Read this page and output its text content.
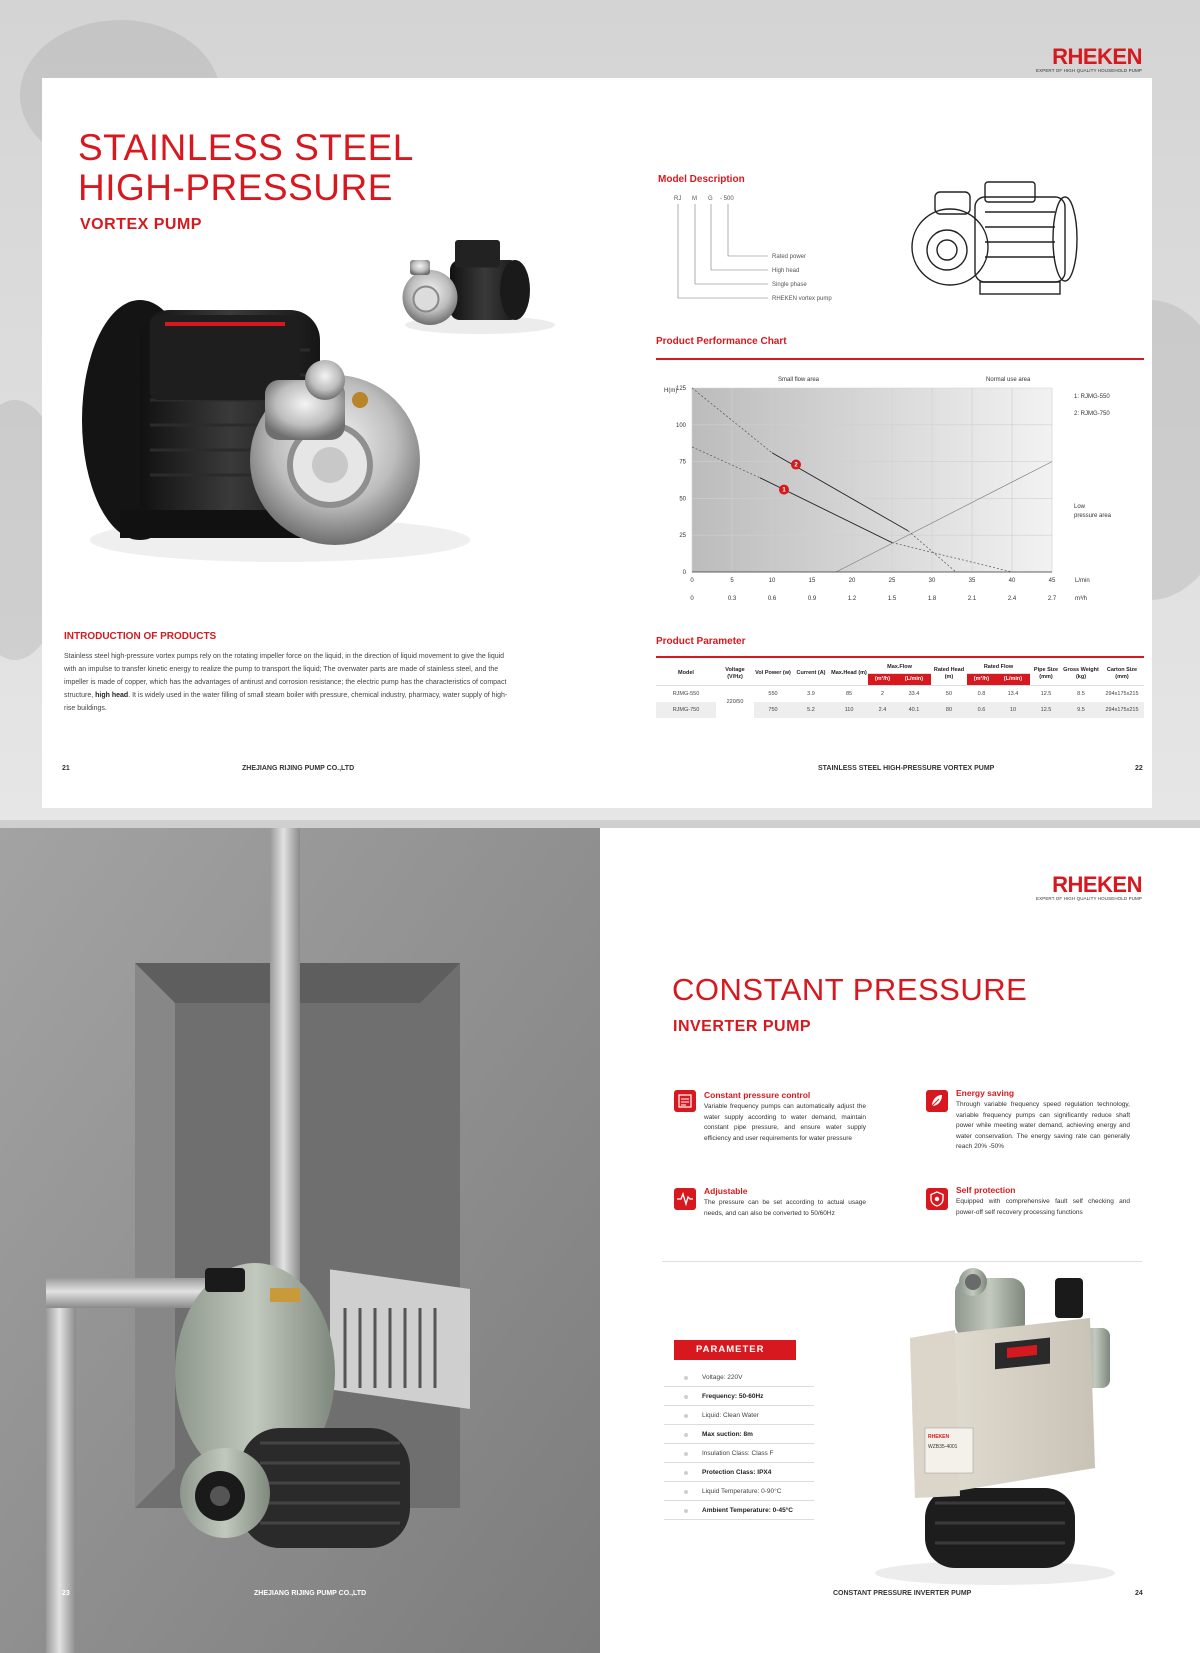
RHEKEN
EXPERT OF HIGH QUALITY HOUSEHOLD PUMP
STAINLESS STEEL
HIGH-PRESSURE
VORTEX PUMP
INTRODUCTION OF PRODUCTS
Stainless steel high-pressure vortex pumps rely on the rotating impeller force on the liquid, in the direction of liquid movement to give the liquid with an impulse to transfer kinetic energy to realize the pump to transport the liquid; The overwater parts are made of stainless steel, and the impeller is made of copper, which has the advantages of antirust and corrosion resistance; the electric pump has the characteristics of compact structure, high head. It is widely used in the water filling of small steam boiler with pressure, chemical industry, pharmacy, water supply of high-rise buildings.
21	ZHEJIANG RIJING PUMP CO.,LTD
Model Description
RJ M G - 500
Rated power
High head
Single phase
RHEKEN vortex pump
Product Performance Chart
1
2
0
0
5
0.3
10
0.6
15
0.9
20
1.2
25
1.5
30
1.8
35
2.1
40
2.4
45
2.7
0
25
50
75
100
125
H(m)
Small flow area	Normal use area
Low pressure area
1: RJMG-550
2: RJMG-750
L/min
m³/h
Product Parameter
Model	Voltage (V/Hz)	Vol Power (w)	Current (A)	Max.Head (m)	Max.Flow		Rated Head (m)	Rated Flow		Pipe Size (mm)	Gross Weight (kg)	Carton Size (mm)
					(m³/h)	(L/min)		(m³/h)	(L/min)			
RJMG-550	220/50	550	3.9	85	2	33.4	50	0.8	13.4	12.5	8.5	294x175x215
RJMG-750		750	5.2	110	2.4	40.1	80	0.6	10	12.5	9.5	294x175x215
STAINLESS STEEL HIGH-PRESSURE VORTEX PUMP	22
23	ZHEJIANG RIJING PUMP CO.,LTD
RHEKEN
EXPERT OF HIGH QUALITY HOUSEHOLD PUMP
CONSTANT PRESSURE
INVERTER PUMP
Constant pressure control
Variable frequency pumps can automatically adjust the water supply according to water demand, maintain constant pipe pressure, and ensure water supply efficiency and user requirements for water pressure
Energy saving
Through variable frequency speed regulation technology, variable frequency pumps can significantly reduce shaft power while meeting water demand, achieving energy and water conservation. The energy saving rate can generally reach 20% -50%
Adjustable
The pressure can be set according to actual usage needs, and can also be converted to 50/60Hz
Self protection
Equipped with comprehensive fault self checking and power-off self recovery processing functions
PARAMETER
Voltage: 220V
Frequency: 50-60Hz
Liquid: Clean Water
Max suction: 8m
Insulation Class: Class F
Protection Class: IPX4
Liquid Temperature: 0-90°C
Ambient Temperature: 0-45°C
RHEKEN
WZB35-4001
CONSTANT PRESSURE INVERTER PUMP	24
